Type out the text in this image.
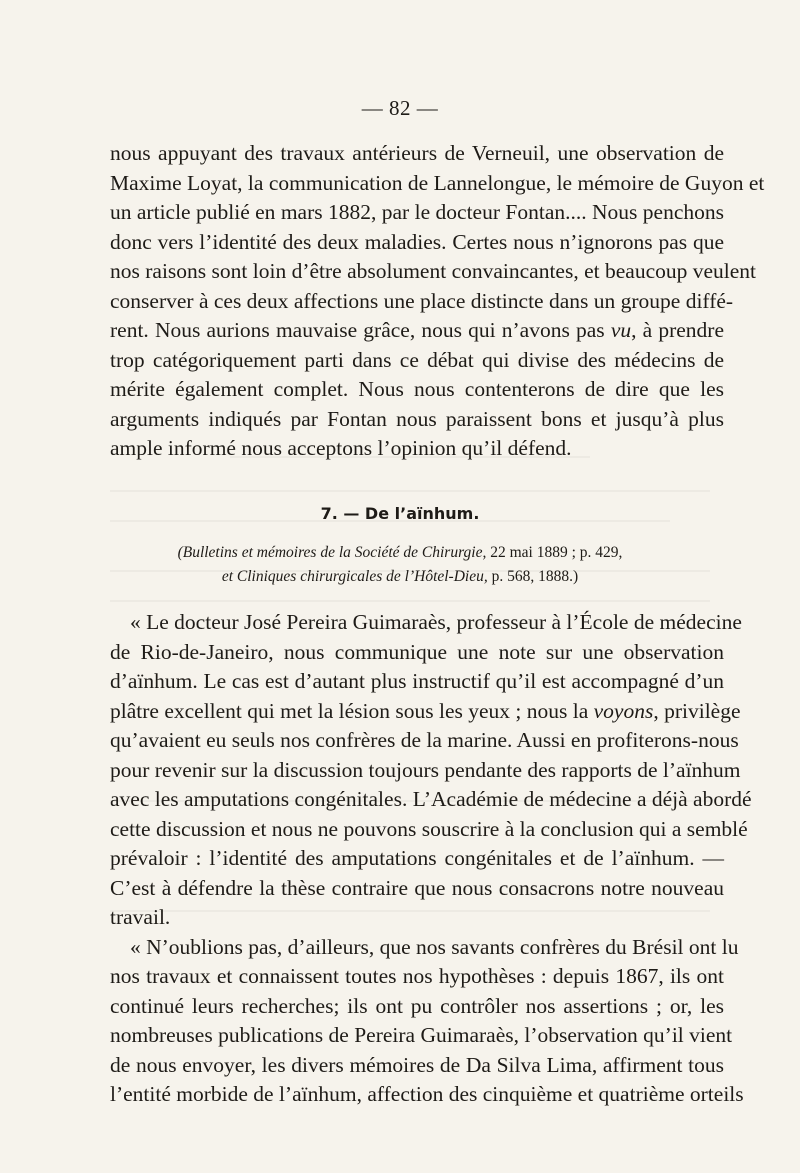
— 82 —
nous appuyant des travaux antérieurs de Verneuil, une observation de
Maxime Loyat, la communication de Lannelongue, le mémoire de Guyon et
un article publié en mars 1882, par le docteur Fontan.... Nous penchons
donc vers l’identité des deux maladies. Certes nous n’ignorons pas que
nos raisons sont loin d’être absolument convaincantes, et beaucoup veulent
conserver à ces deux affections une place distincte dans un groupe diffé-
rent. Nous aurions mauvaise grâce, nous qui n’avons pas vu, à prendre
trop catégoriquement parti dans ce débat qui divise des médecins de
mérite également complet. Nous nous contenterons de dire que les
arguments indiqués par Fontan nous paraissent bons et jusqu’à plus
ample informé nous acceptons l’opinion qu’il défend.
7. — De l’aïnhum.
(Bulletins et mémoires de la Société de Chirurgie, 22 mai 1889 ; p. 429,
et Cliniques chirurgicales de l’Hôtel-Dieu, p. 568, 1888.)
« Le docteur José Pereira Guimaraès, professeur à l’École de médecine
de Rio-de-Janeiro, nous communique une note sur une observation
d’aïnhum. Le cas est d’autant plus instructif qu’il est accompagné d’un
plâtre excellent qui met la lésion sous les yeux ; nous la voyons, privilège
qu’avaient eu seuls nos confrères de la marine. Aussi en profiterons-nous
pour revenir sur la discussion toujours pendante des rapports de l’aïnhum
avec les amputations congénitales. L’Académie de médecine a déjà abordé
cette discussion et nous ne pouvons souscrire à la conclusion qui a semblé
prévaloir : l’identité des amputations congénitales et de l’aïnhum. —
C’est à défendre la thèse contraire que nous consacrons notre nouveau
travail.
« N’oublions pas, d’ailleurs, que nos savants confrères du Brésil ont lu
nos travaux et connaissent toutes nos hypothèses : depuis 1867, ils ont
continué leurs recherches; ils ont pu contrôler nos assertions ; or, les
nombreuses publications de Pereira Guimaraès, l’observation qu’il vient
de nous envoyer, les divers mémoires de Da Silva Lima, affirment tous
l’entité morbide de l’aïnhum, affection des cinquième et quatrième orteils
